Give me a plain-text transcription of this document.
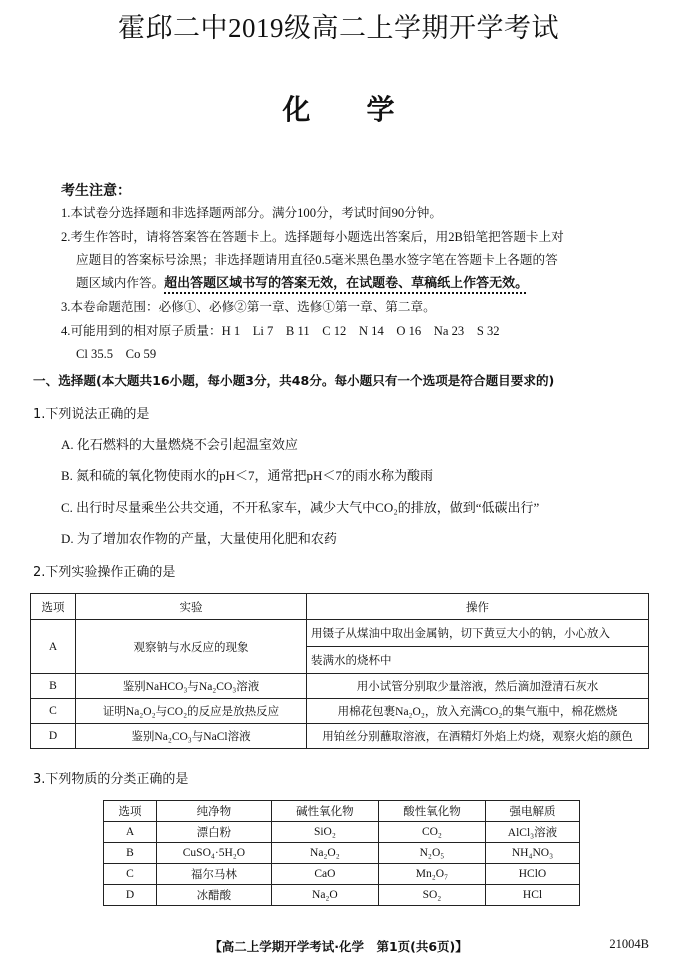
霍邱二中2019级高二上学期开学考试
化学
考生注意：
1.本试卷分选择题和非选择题两部分。满分100分，考试时间90分钟。
2.考生作答时，请将答案答在答题卡上。选择题每小题选出答案后，用2B铅笔把答题卡上对
应题目的答案标号涂黑；非选择题请用直径0.5毫米黑色墨水签字笔在答题卡上各题的答
题区域内作答。超出答题区域书写的答案无效，在试题卷、草稿纸上作答无效。
3.本卷命题范围：必修①、必修②第一章、选修①第一章、第二章。
4.可能用到的相对原子质量：H 1　Li 7　B 11　C 12　N 14　O 16　Na 23　S 32
Cl 35.5　Co 59
一、选择题(本大题共16小题，每小题3分，共48分。每小题只有一个选项是符合题目要求的)
1.下列说法正确的是
A. 化石燃料的大量燃烧不会引起温室效应
B. 氮和硫的氧化物使雨水的pH＜7，通常把pH＜7的雨水称为酸雨
C. 出行时尽量乘坐公共交通，不开私家车，减少大气中CO₂的排放，做到“低碳出行”
D. 为了增加农作物的产量，大量使用化肥和农药
2.下列实验操作正确的是
选项	实验	操作
A	观察钠与水反应的现象	用镊子从煤油中取出金属钠，切下黄豆大小的钠，小心放入
		装满水的烧杯中
B	鉴别NaHCO₃与Na₂CO₃溶液	用小试管分别取少量溶液，然后滴加澄清石灰水
C	证明Na₂O₂与CO₂的反应是放热反应	用棉花包裹Na₂O₂，放入充满CO₂的集气瓶中，棉花燃烧
D	鉴别Na₂CO₃与NaCl溶液	用铂丝分别蘸取溶液，在酒精灯外焰上灼烧，观察火焰的颜色
3.下列物质的分类正确的是
选项	纯净物	碱性氧化物	酸性氧化物	强电解质
A	漂白粉	SiO₂	CO₂	AlCl₃溶液
B	CuSO₄·5H₂O	Na₂O₂	N₂O₅	NH₄NO₃
C	福尔马林	CaO	Mn₂O₇	HClO
D	冰醋酸	Na₂O	SO₂	HCl
【高二上学期开学考试·化学　第1页(共6页)】	21004B
